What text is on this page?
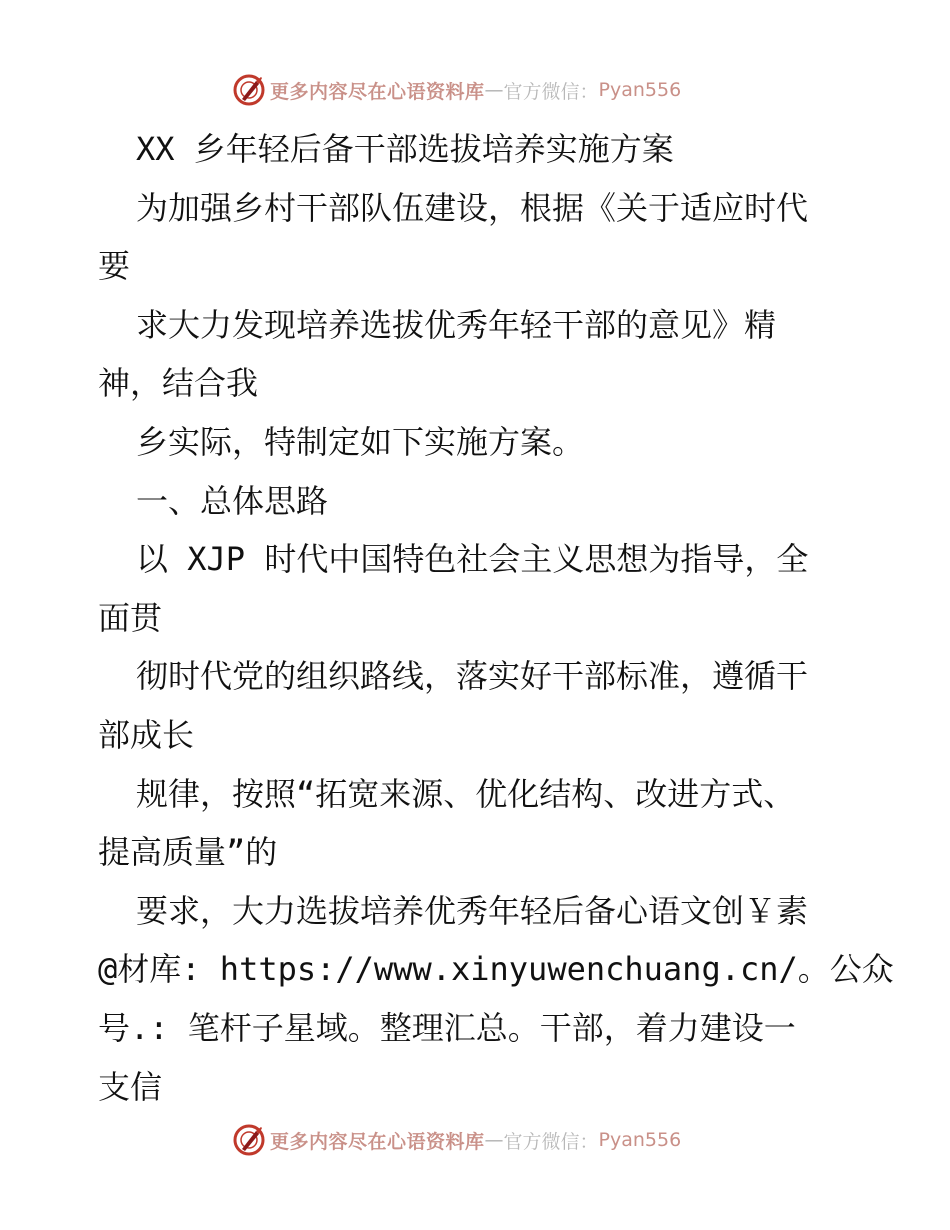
更多内容尽在心语资料库 — 官方微信： Pyan556
XX 乡年轻后备干部选拔培养实施方案
为加强乡村干部队伍建设，根据《关于适应时代
要
求大力发现培养选拔优秀年轻干部的意见》精
神，结合我
乡实际，特制定如下实施方案。
一、总体思路
以 XJP 时代中国特色社会主义思想为指导，全
面贯
彻时代党的组织路线，落实好干部标准，遵循干
部成长
规律，按照“拓宽来源、优化结构、改进方式、
提高质量”的
要求，大力选拔培养优秀年轻后备心语文创￥素
@材库: https://www.xinyuwenchuang.cn/。公众
号.: 笔杆子星域。整理汇总。干部，着力建设一
支信
更多内容尽在心语资料库 — 官方微信： Pyan556
